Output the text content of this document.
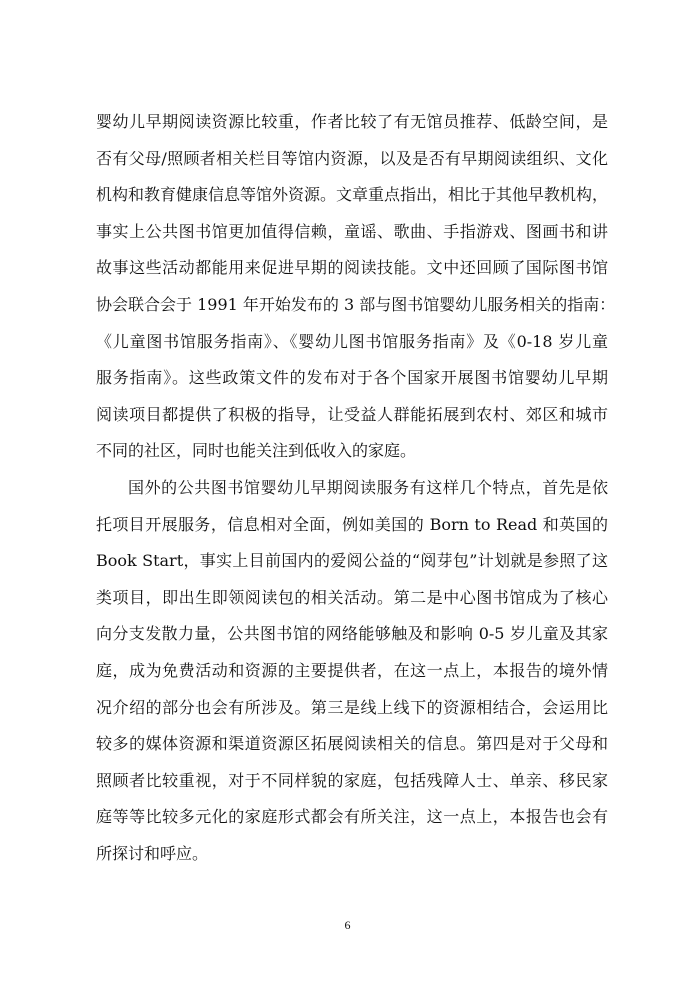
婴幼儿早期阅读资源比较重，作者比较了有无馆员推荐、低龄空间，是
否有父母/照顾者相关栏目等馆内资源，以及是否有早期阅读组织、文化
机构和教育健康信息等馆外资源。文章重点指出，相比于其他早教机构，
事实上公共图书馆更加值得信赖，童谣、歌曲、手指游戏、图画书和讲
故事这些活动都能用来促进早期的阅读技能。文中还回顾了国际图书馆
协会联合会于 1991 年开始发布的 3 部与图书馆婴幼儿服务相关的指南：
《儿童图书馆服务指南》、《婴幼儿图书馆服务指南》及《0-18 岁儿童
服务指南》。这些政策文件的发布对于各个国家开展图书馆婴幼儿早期
阅读项目都提供了积极的指导，让受益人群能拓展到农村、郊区和城市
不同的社区，同时也能关注到低收入的家庭。
国外的公共图书馆婴幼儿早期阅读服务有这样几个特点，首先是依
托项目开展服务，信息相对全面，例如美国的 Born to Read 和英国的
Book Start，事实上目前国内的爱阅公益的“阅芽包”计划就是参照了这
类项目，即出生即领阅读包的相关活动。第二是中心图书馆成为了核心
向分支发散力量，公共图书馆的网络能够触及和影响 0-5 岁儿童及其家
庭，成为免费活动和资源的主要提供者，在这一点上，本报告的境外情
况介绍的部分也会有所涉及。第三是线上线下的资源相结合，会运用比
较多的媒体资源和渠道资源区拓展阅读相关的信息。第四是对于父母和
照顾者比较重视，对于不同样貌的家庭，包括残障人士、单亲、移民家
庭等等比较多元化的家庭形式都会有所关注，这一点上，本报告也会有
所探讨和呼应。
6
